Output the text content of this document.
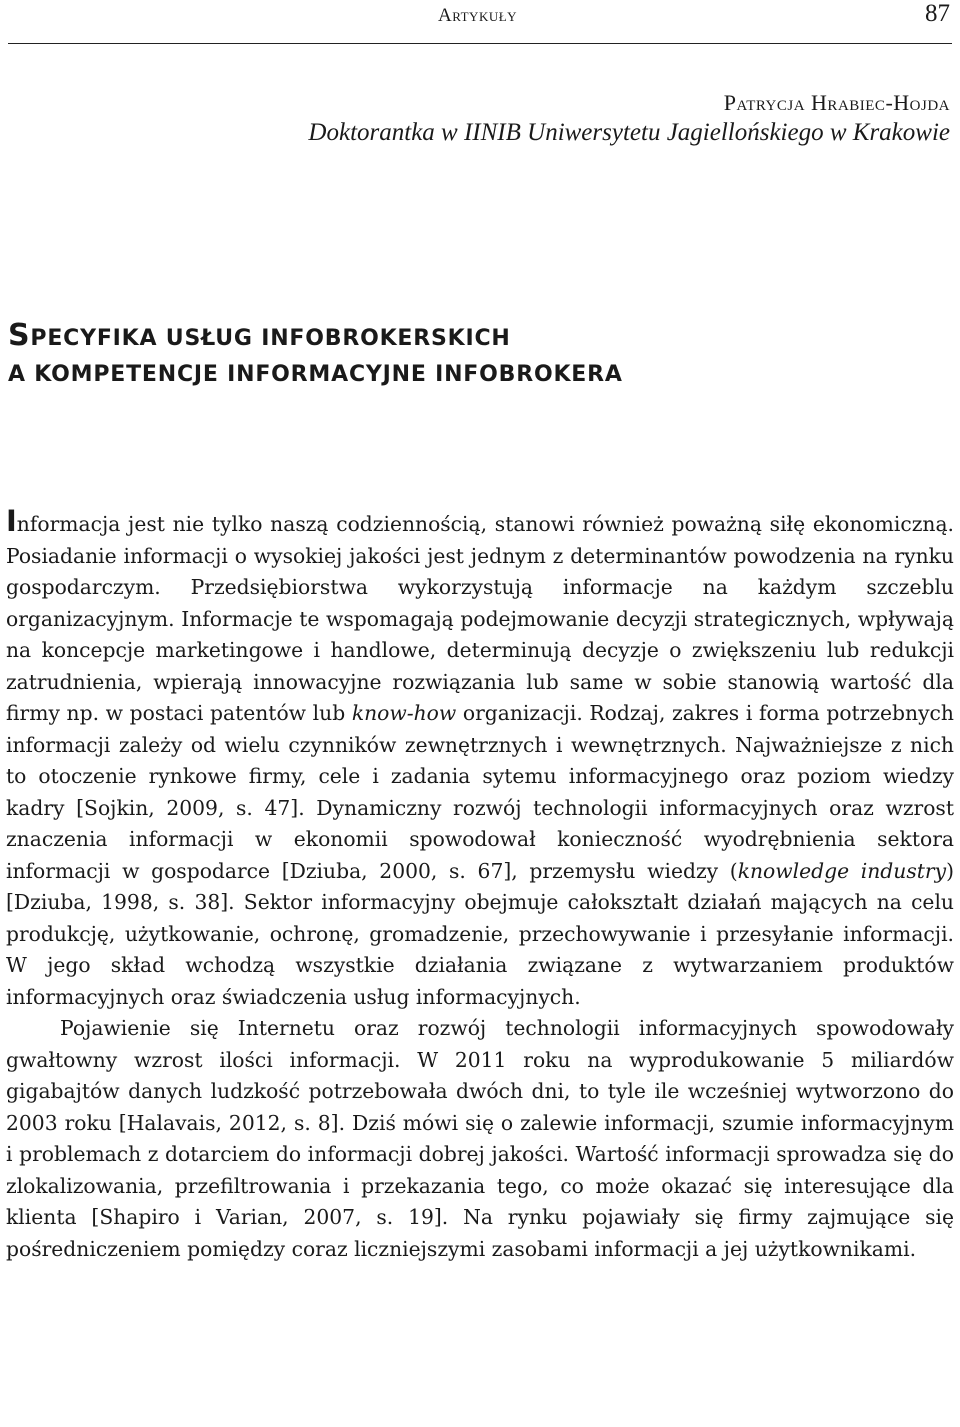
Artykuły	87
Patrycja Hrabiec-Hojda
Doktorantka w IINIB Uniwersytetu Jagiellońskiego w Krakowie
SPECYFIKA USŁUG INFOBROKERSKICH
A KOMPETENCJE INFORMACYJNE INFOBROKERA

Informacja jest nie tylko naszą codziennością, stanowi również poważną siłę ekonomiczną. Posiadanie informacji o wysokiej jakości jest jednym z determinantów powodzenia na rynku gospodarczym. Przedsiębiorstwa wykorzystują informacje na każdym szczeblu organizacyjnym. Informacje te wspomagają podejmowanie decyzji strategicznych, wpływają na koncepcje marketingowe i handlowe, determinują decyzje o zwiększeniu lub redukcji zatrudnienia, wpierają innowacyjne rozwiązania lub same w sobie stanowią wartość dla firmy np. w postaci patentów lub know-how organizacji. Rodzaj, zakres i forma potrzebnych informacji zależy od wielu czynników zewnętrznych i wewnętrznych. Najważniejsze z nich to otoczenie rynkowe firmy, cele i zadania sytemu informacyjnego oraz poziom wiedzy kadry [Sojkin, 2009, s. 47]. Dynamiczny rozwój technologii informacyjnych oraz wzrost znaczenia informacji w ekonomii spowodował konieczność wyodrębnienia sektora informacji w gospodarce [Dziuba, 2000, s. 67], przemysłu wiedzy (knowledge industry) [Dziuba, 1998, s. 38]. Sektor informacyjny obejmuje całokształt działań mających na celu produkcję, użytkowanie, ochronę, gromadzenie, przechowywanie i przesyłanie informacji. W jego skład wchodzą wszystkie działania związane z wytwarzaniem produktów informacyjnych oraz świadczenia usług informacyjnych.

Pojawienie się Internetu oraz rozwój technologii informacyjnych spowodowały gwałtowny wzrost ilości informacji. W 2011 roku na wyprodukowanie 5 miliardów gigabajtów danych ludzkość potrzebowała dwóch dni, to tyle ile wcześniej wytworzono do 2003 roku [Halavais, 2012, s. 8]. Dziś mówi się o zalewie informacji, szumie informacyjnym i problemach z dotarciem do informacji dobrej jakości. Wartość informacji sprowadza się do zlokalizowania, przefiltrowania i przekazania tego, co może okazać się interesujące dla klienta [Shapiro i Varian, 2007, s. 19]. Na rynku pojawiały się firmy zajmujące się pośredniczeniem pomiędzy coraz liczniejszymi zasobami informacji a jej użytkownikami.
